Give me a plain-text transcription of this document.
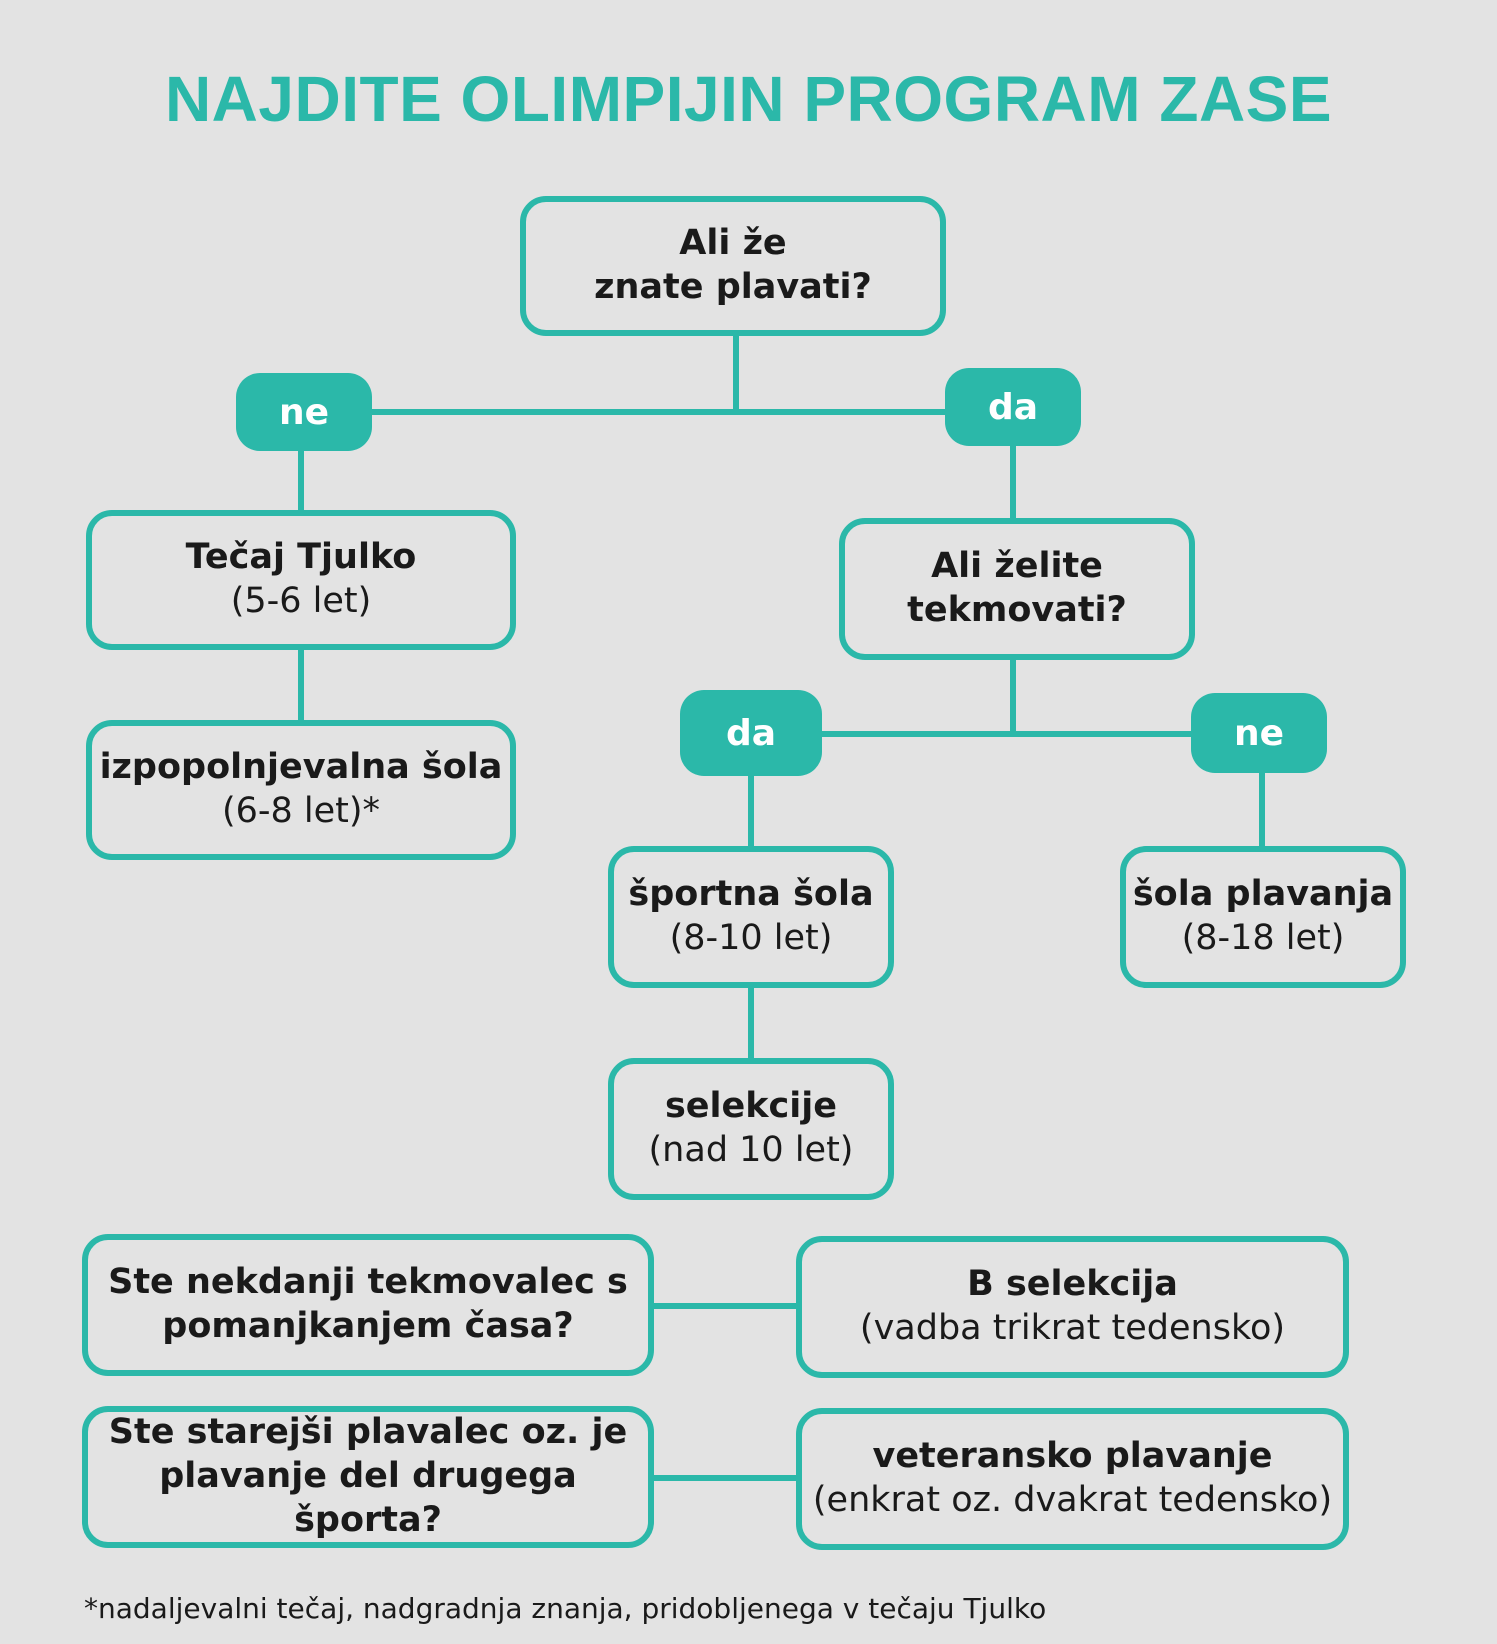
NAJDITE OLIMPIJIN PROGRAM ZASE
Ali že
znate plavati?
ne	da
Tečaj Tjulko
(5-6 let)
izpopolnjevalna šola
(6-8 let)*
Ali želite
tekmovati?
da	ne
športna šola
(8-10 let)
šola plavanja
(8-18 let)
selekcije
(nad 10 let)
Ste nekdanji tekmovalec s
pomanjkanjem časa?
B selekcija
(vadba trikrat tedensko)
Ste starejši plavalec oz. je
plavanje del drugega športa?
veteransko plavanje
(enkrat oz. dvakrat tedensko)
*nadaljevalni tečaj, nadgradnja znanja, pridobljenega v tečaju Tjulko
